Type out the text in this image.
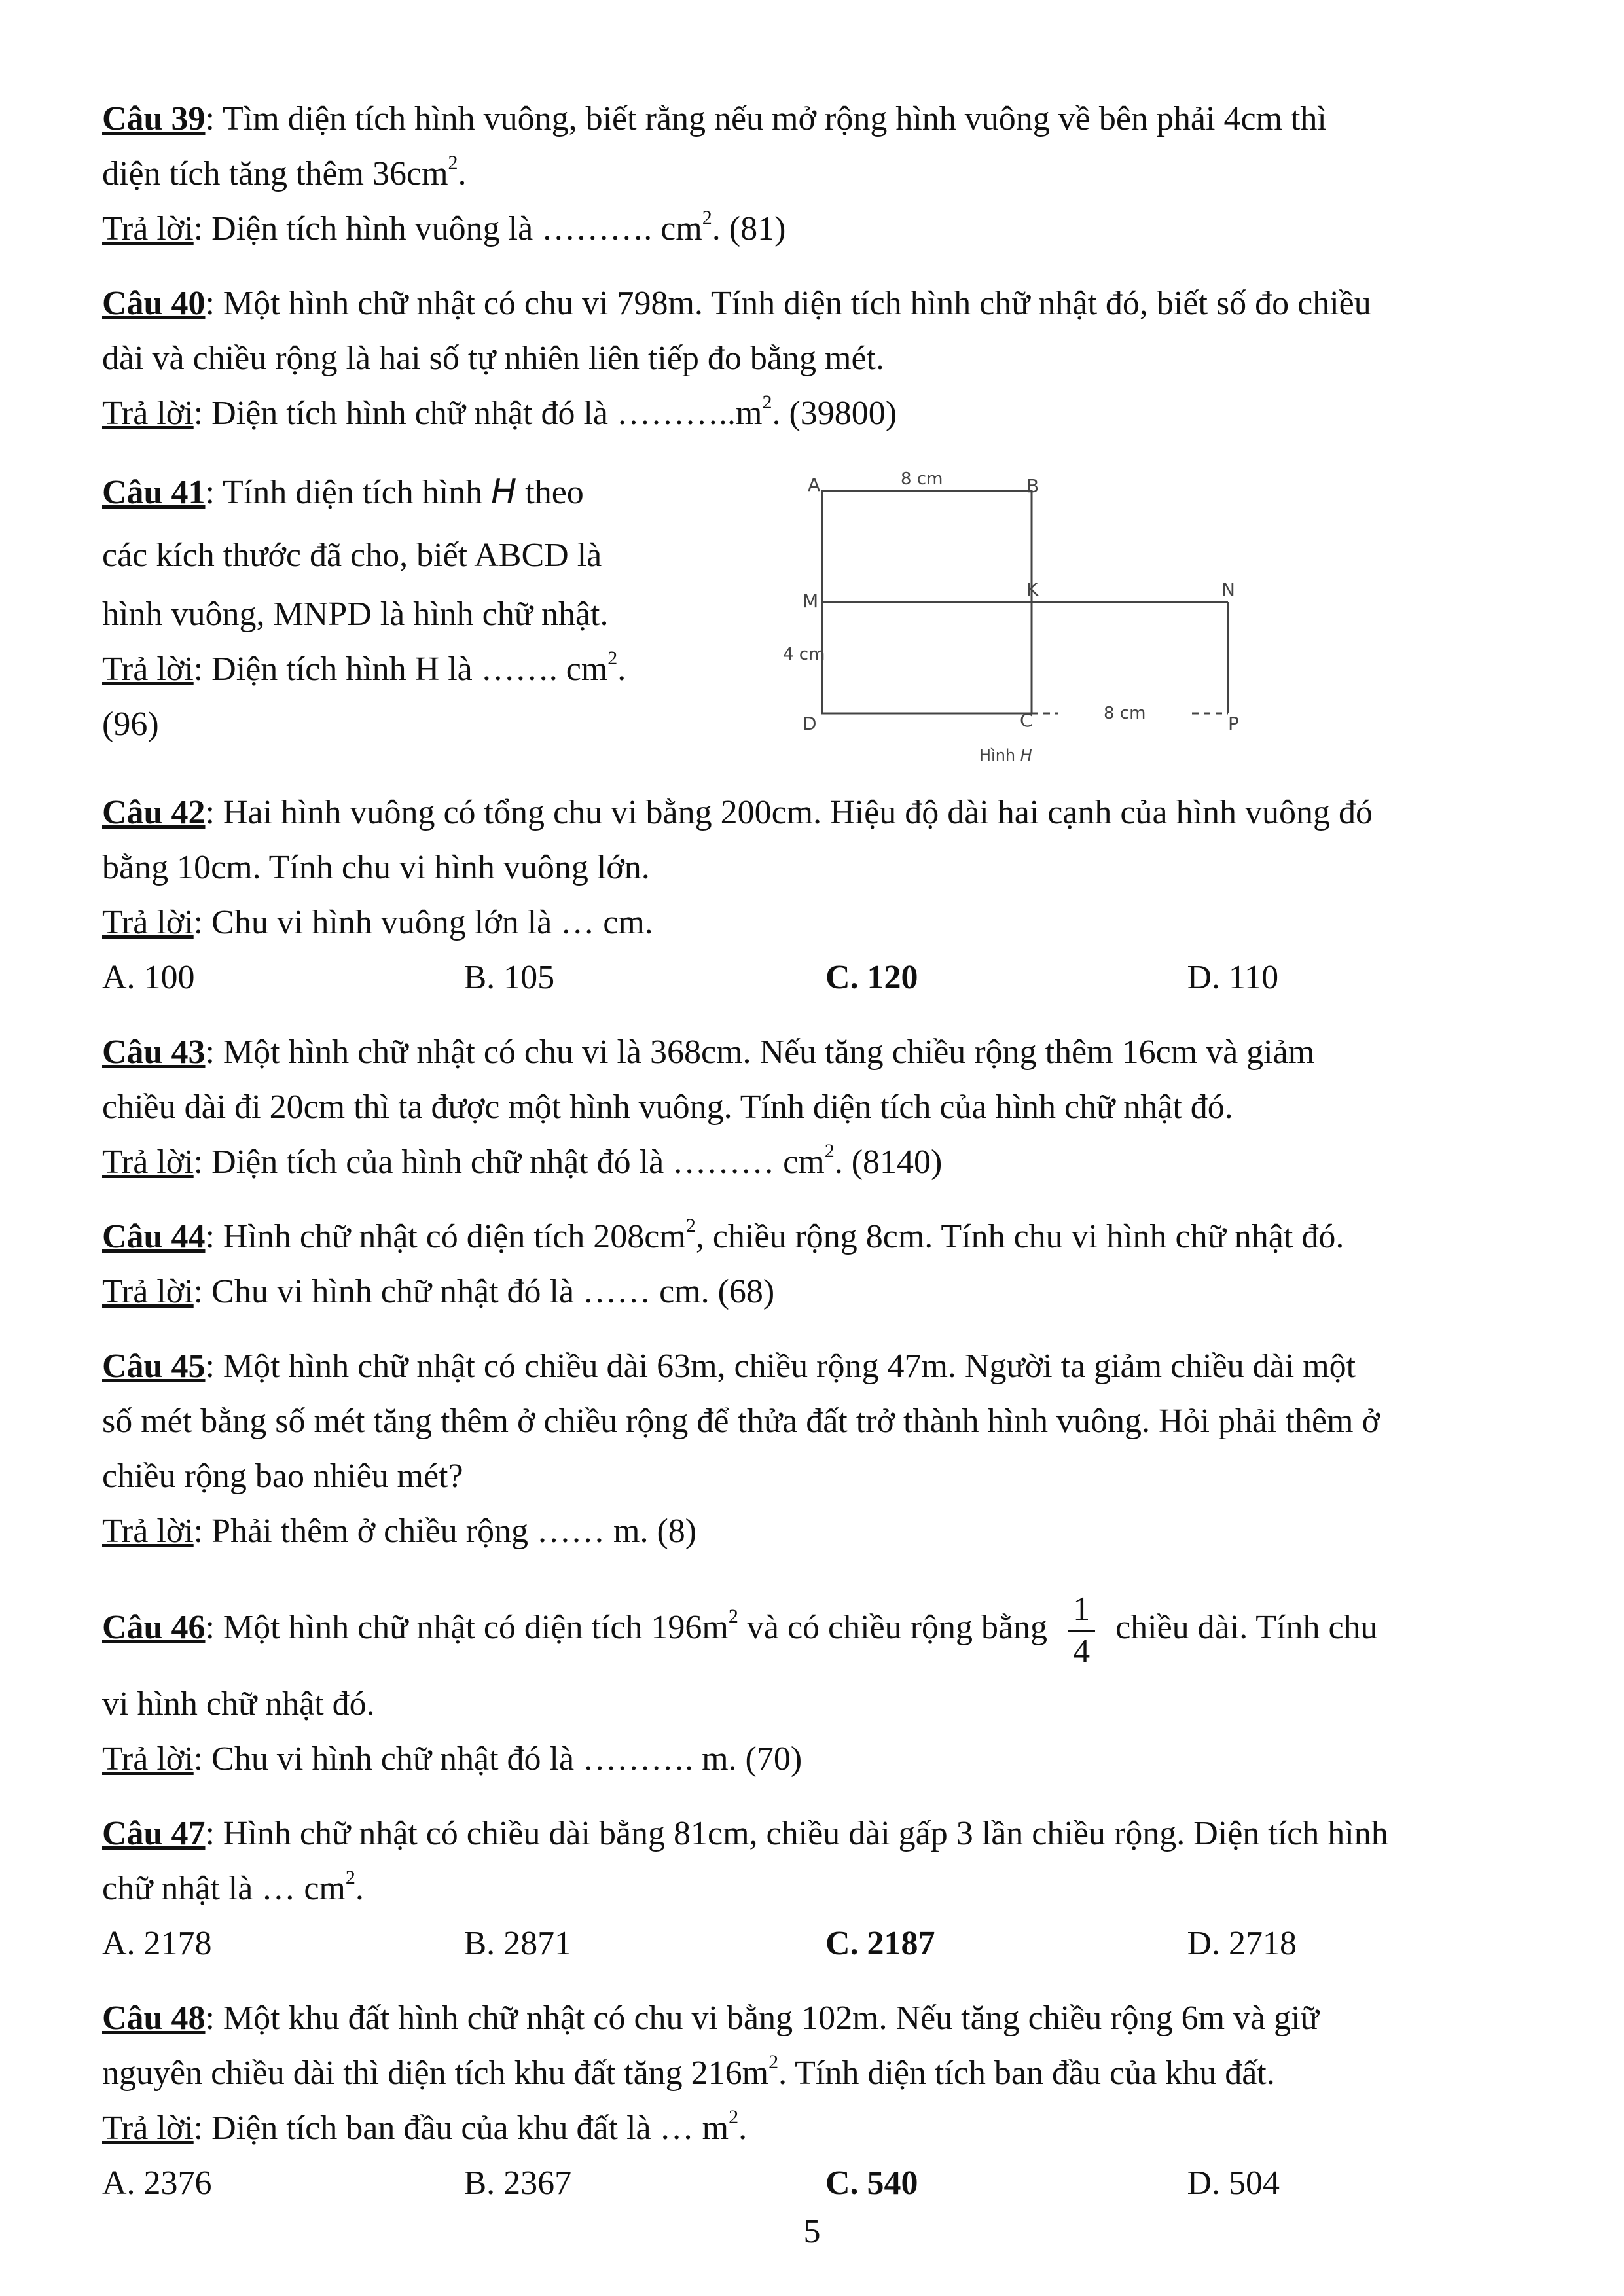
Câu 39: Tìm diện tích hình vuông, biết rằng nếu mở rộng hình vuông về bên phải 4cm thì
diện tích tăng thêm $36cm^2$.
Trả lời: Diện tích hình vuông là ………. $cm^2$. (81)
Câu 40: Một hình chữ nhật có chu vi 798m. Tính diện tích hình chữ nhật đó, biết số đo chiều
dài và chiều rộng là hai số tự nhiên liên tiếp đo bằng mét.
Trả lời: Diện tích hình chữ nhật đó là $\dots\dots\dots..m^2$. (39800)
Câu 41: Tính diện tích hình H theo
các kích thước đã cho, biết ABCD là
hình vuông, MNPD là hình chữ nhật.
Trả lời: Diện tích hình H là ……. $cm^2$.
(96)
A	B
M
K	N
D	C	P
8 cm
4 cm
8 cm
Hình H
Câu 42: Hai hình vuông có tổng chu vi bằng 200cm. Hiệu độ dài hai cạnh của hình vuông đó
bằng 10cm. Tính chu vi hình vuông lớn.
Trả lời: Chu vi hình vuông lớn là … cm.
A. 100	B. 105	C. 120	D. 110
Câu 43: Một hình chữ nhật có chu vi là 368cm. Nếu tăng chiều rộng thêm 16cm và giảm
chiều dài đi 20cm thì ta được một hình vuông. Tính diện tích của hình chữ nhật đó.
Trả lời: Diện tích của hình chữ nhật đó là ……… $cm^2$. (8140)
Câu 44: Hình chữ nhật có diện tích $208cm^2$, chiều rộng 8cm. Tính chu vi hình chữ nhật đó.
Trả lời: Chu vi hình chữ nhật đó là …… cm. (68)
Câu 45: Một hình chữ nhật có chiều dài 63m, chiều rộng 47m. Người ta giảm chiều dài một
số mét bằng số mét tăng thêm ở chiều rộng để thửa đất trở thành hình vuông. Hỏi phải thêm ở
chiều rộng bao nhiêu mét?
Trả lời: Phải thêm ở chiều rộng …… m. (8)
Câu 46: Một hình chữ nhật có diện tích $196m^2$ và có chiều rộng bằng $\frac{1}{4}$ chiều dài. Tính chu
vi hình chữ nhật đó.
Trả lời: Chu vi hình chữ nhật đó là ………. m. (70)
Câu 47: Hình chữ nhật có chiều dài bằng 81cm, chiều dài gấp 3 lần chiều rộng. Diện tích hình
chữ nhật là … $cm^2$.
A. 2178	B. 2871	C. 2187	D. 2718
Câu 48: Một khu đất hình chữ nhật có chu vi bằng 102m. Nếu tăng chiều rộng 6m và giữ
nguyên chiều dài thì diện tích khu đất tăng $216m^2$. Tính diện tích ban đầu của khu đất.
Trả lời: Diện tích ban đầu của khu đất là … $m^2$.
A. 2376	B. 2367	C. 540	D. 504
5
